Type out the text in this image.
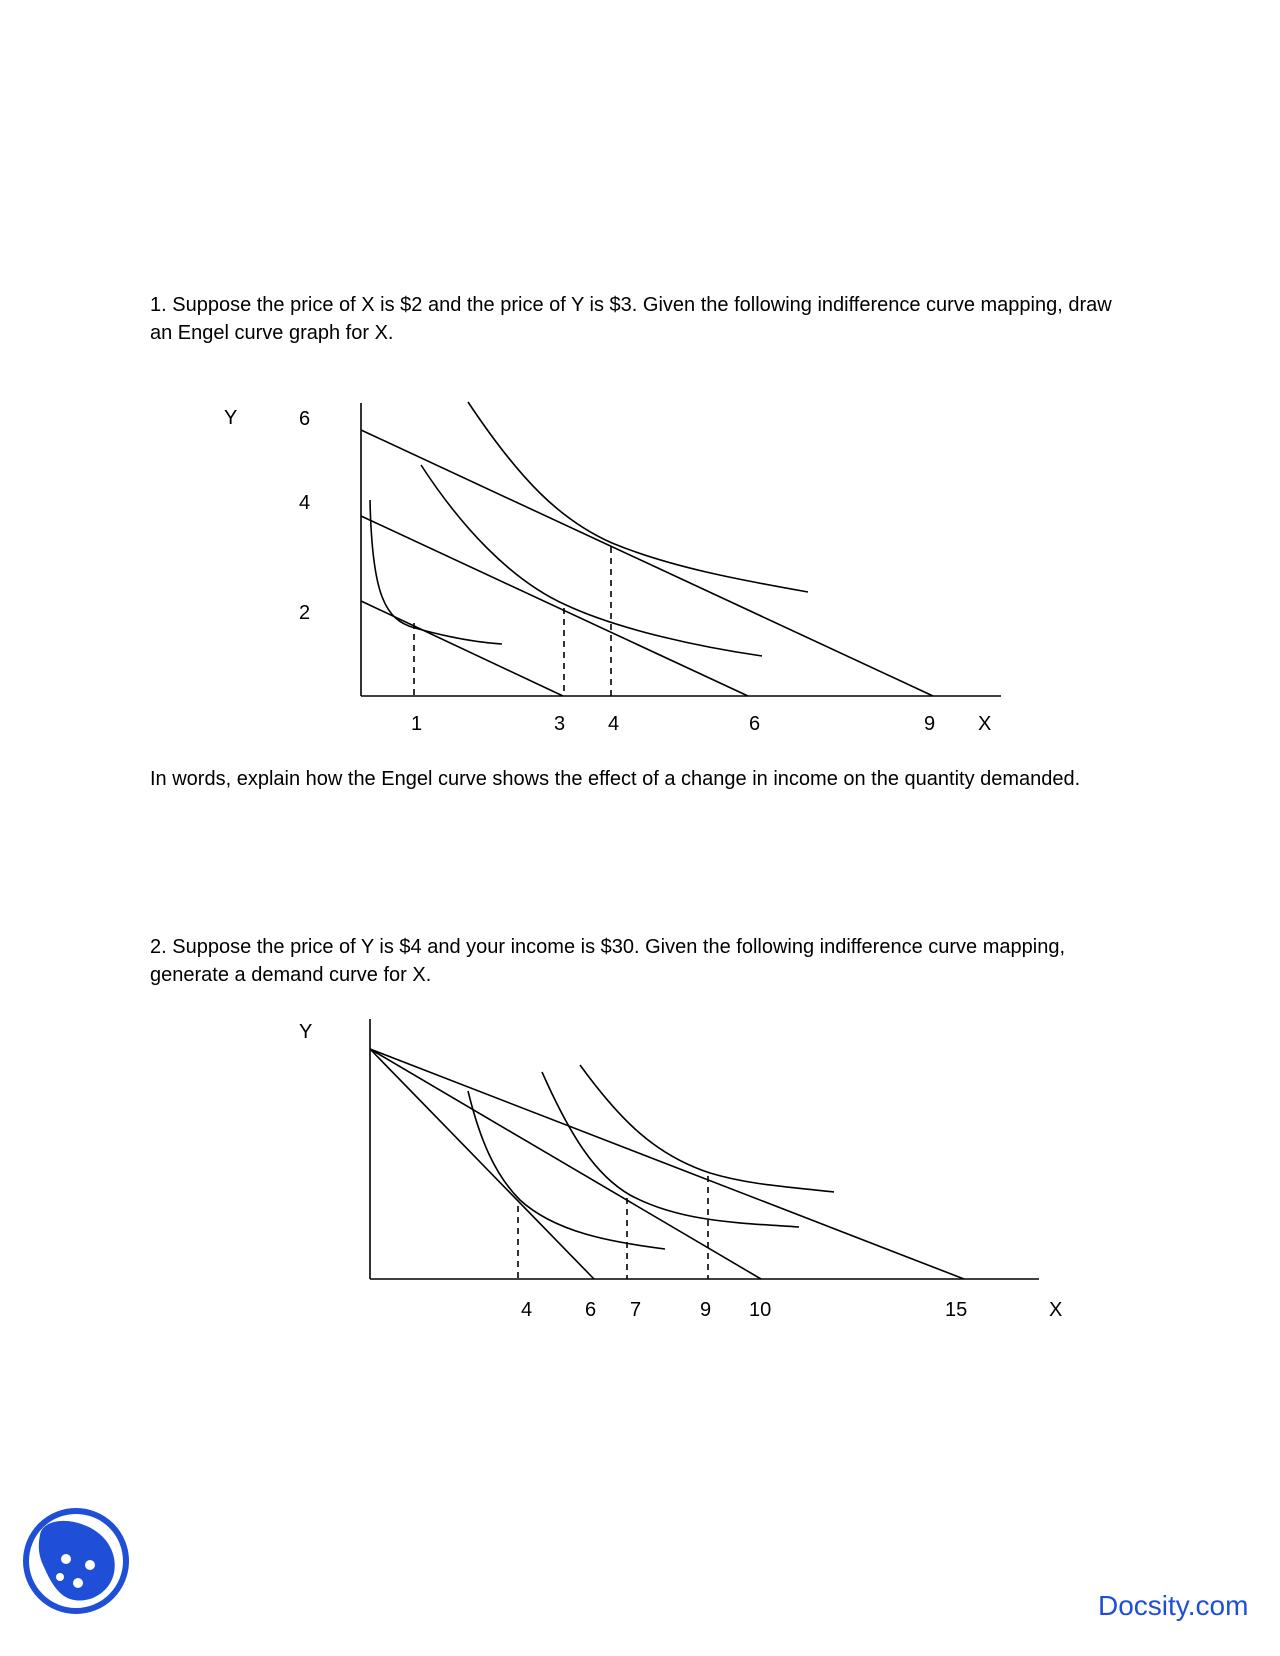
1. Suppose the price of X is $2 and the price of Y is $3. Given the following indifference curve mapping, draw an Engel curve graph for X.

Y	6
4
2
1	3 4	6	9 X

In words, explain how the Engel curve shows the effect of a change in income on the quantity demanded.

2. Suppose the price of Y is $4 and your income is $30. Given the following indifference curve mapping, generate a demand curve for X.

Y
4	6 7	9 10	15	X

Docsity.com
